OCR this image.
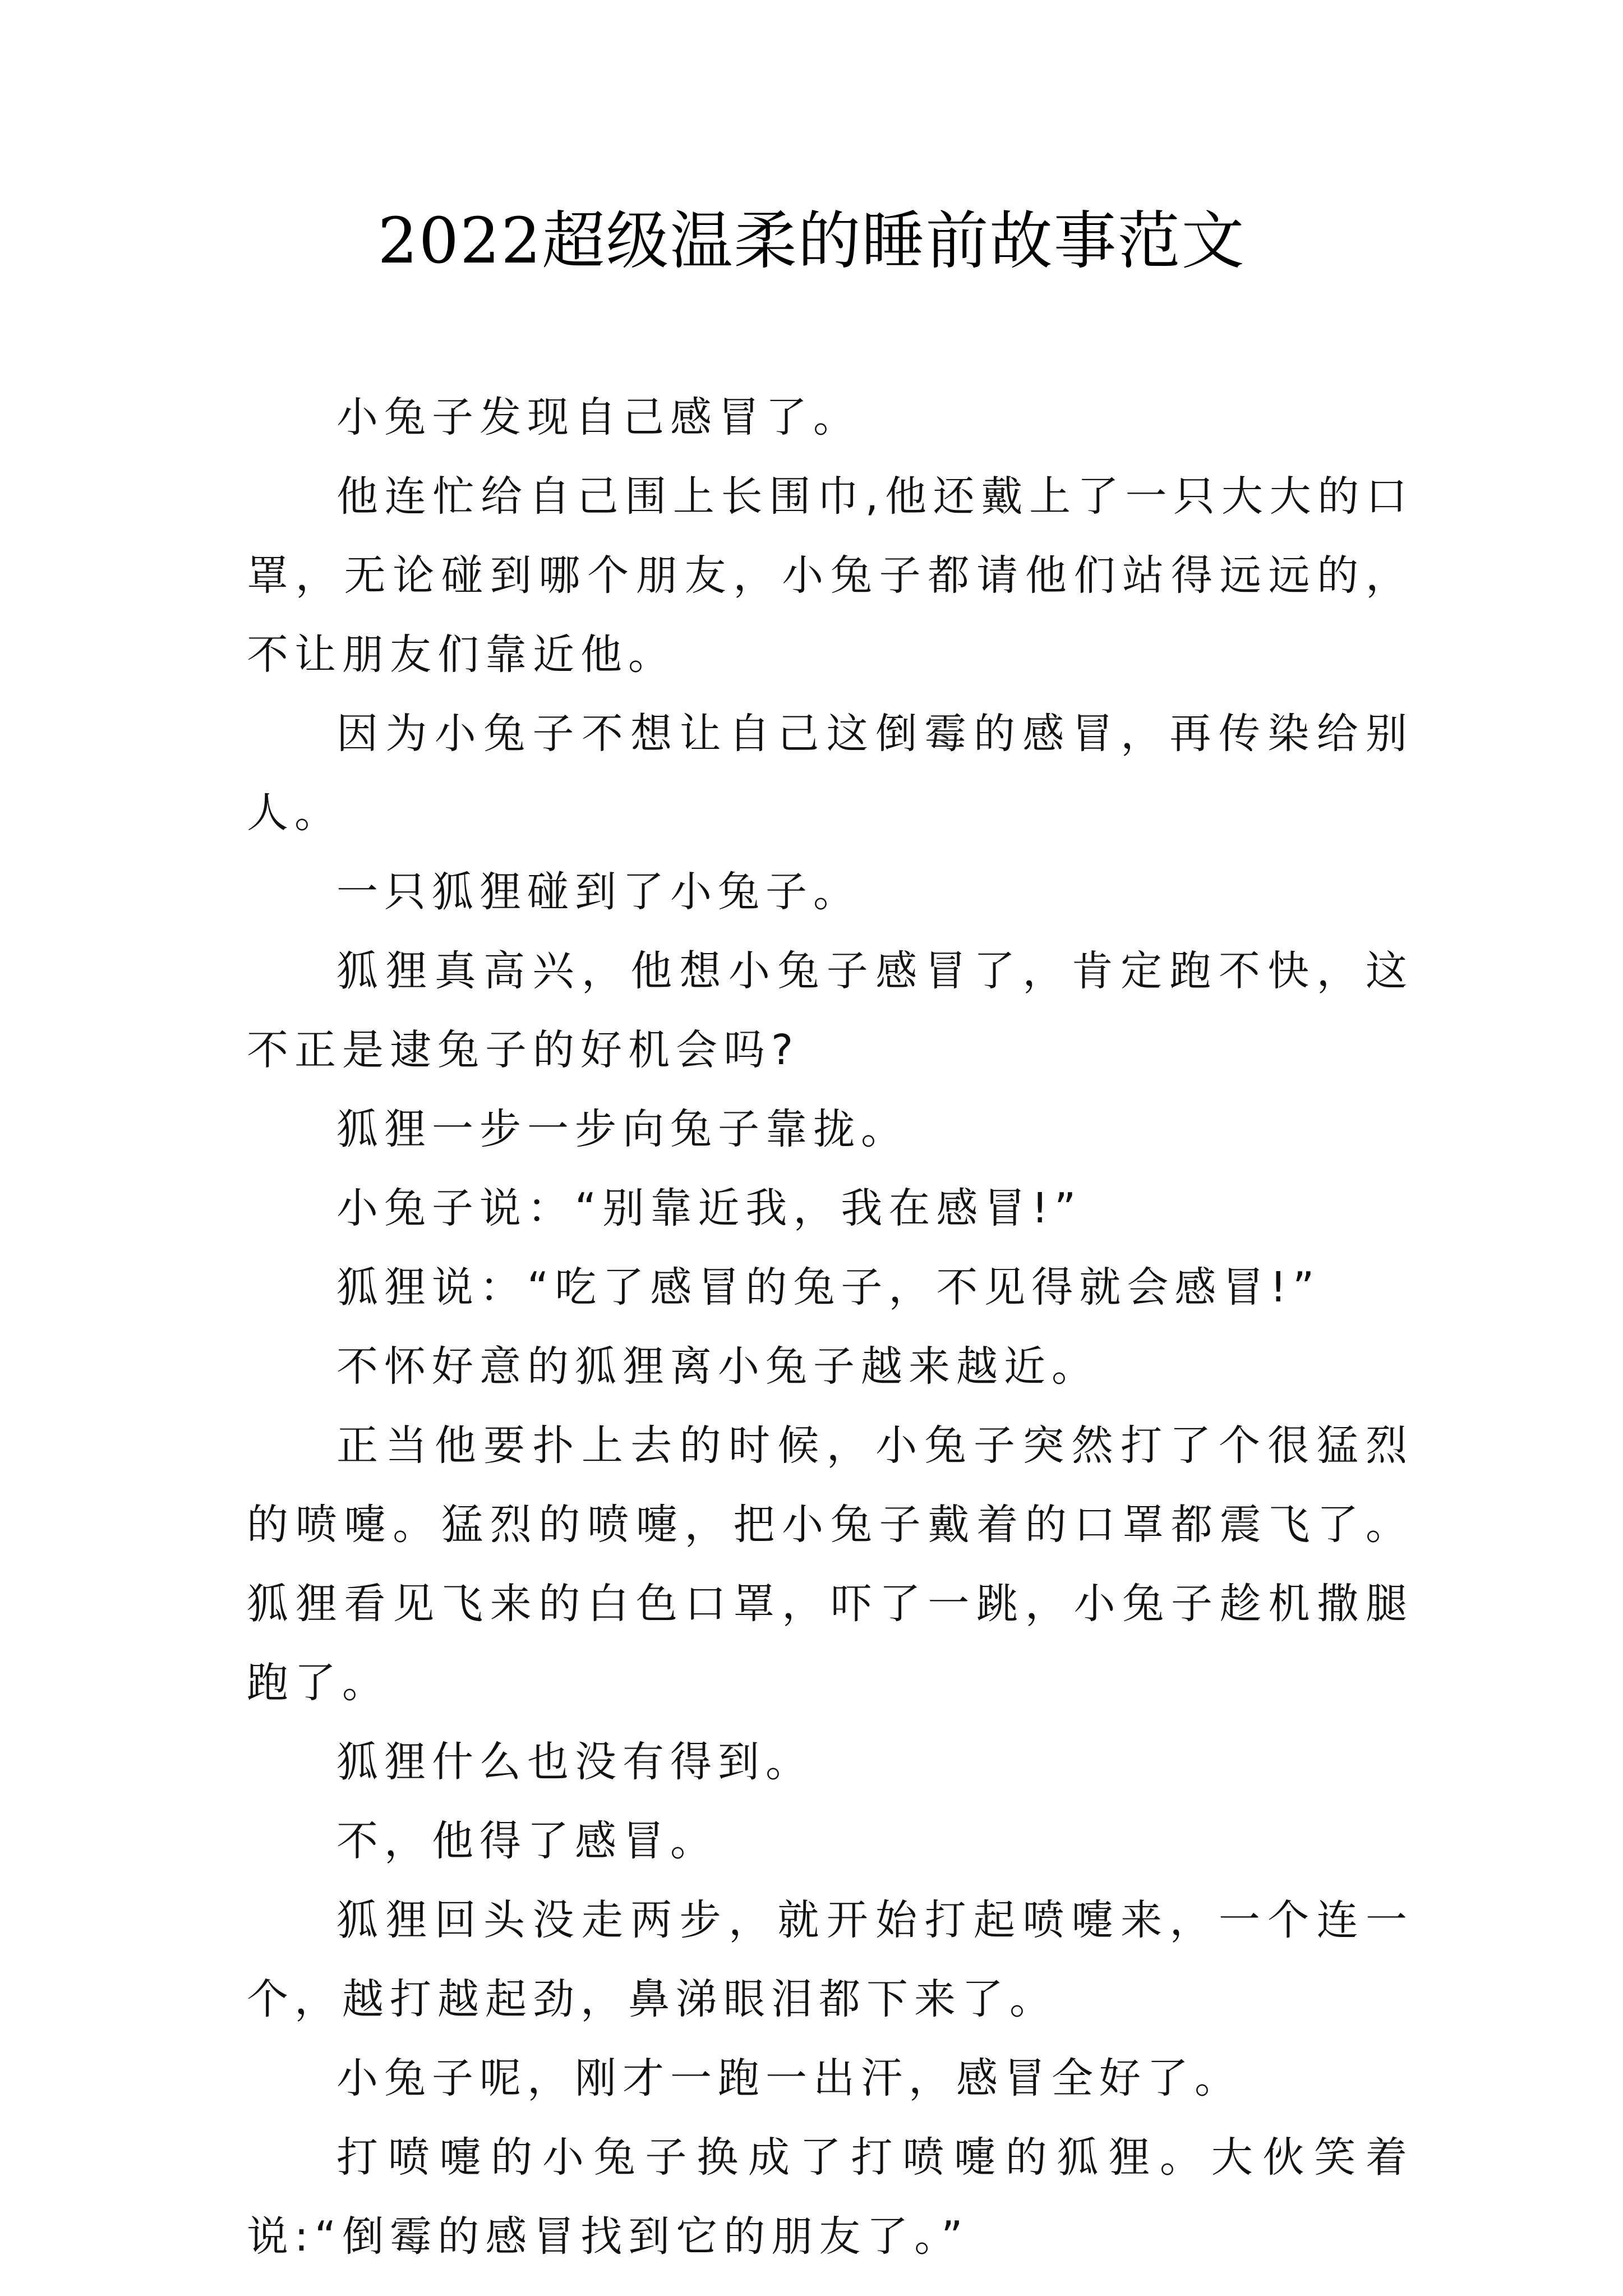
2022超级温柔的睡前故事范文

小兔子发现自己感冒了。

他连忙给自己围上长围巾,他还戴上了一只大大的口罩，无论碰到哪个朋友，小兔子都请他们站得远远的，不让朋友们靠近他。

因为小兔子不想让自己这倒霉的感冒，再传染给别人。

一只狐狸碰到了小兔子。

狐狸真高兴，他想小兔子感冒了，肯定跑不快，这不正是逮兔子的好机会吗?

狐狸一步一步向兔子靠拢。

小兔子说：“别靠近我，我在感冒!”

狐狸说：“吃了感冒的兔子，不见得就会感冒!”

不怀好意的狐狸离小兔子越来越近。

正当他要扑上去的时候，小兔子突然打了个很猛烈的喷嚏。猛烈的喷嚏，把小兔子戴着的口罩都震飞了。狐狸看见飞来的白色口罩，吓了一跳，小兔子趁机撒腿跑了。

狐狸什么也没有得到。

不，他得了感冒。

狐狸回头没走两步，就开始打起喷嚏来，一个连一个，越打越起劲，鼻涕眼泪都下来了。

小兔子呢，刚才一跑一出汗，感冒全好了。

打喷嚏的小兔子换成了打喷嚏的狐狸。大伙笑着说:“倒霉的感冒找到它的朋友了。”
